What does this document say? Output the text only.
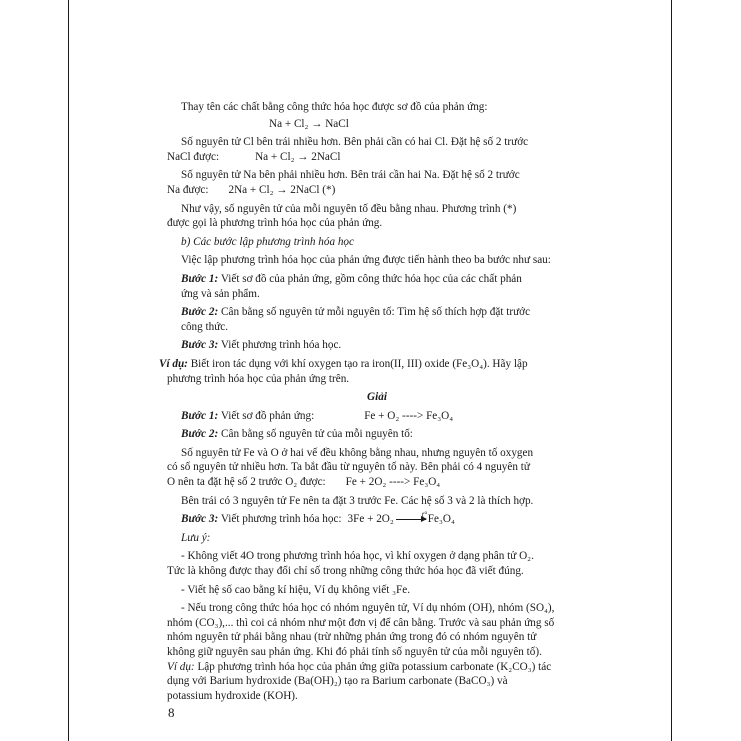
Thay tên các chất bằng công thức hóa học được sơ đồ của phản ứng:

Na + Cl₂ → NaCl

Số nguyên tử Cl bên trái nhiều hơn. Bên phải cần có hai Cl. Đặt hệ số 2 trước

NaCl được:	Na + Cl₂ → 2NaCl

Số nguyên tử Na bên phải nhiều hơn. Bên trái cần hai Na. Đặt hệ số 2 trước

Na được: 2Na + Cl₂ → 2NaCl (*)

Như vậy, số nguyên tử của mỗi nguyên tố đều bằng nhau. Phương trình (*)

được gọi là phương trình hóa học của phản ứng.

b) Các bước lập phương trình hóa học

Việc lập phương trình hóa học của phản ứng được tiến hành theo ba bước như sau:

Bước 1: Viết sơ đồ của phản ứng, gồm công thức hóa học của các chất phản

ứng và sản phẩm.

Bước 2: Cân bằng số nguyên tử mỗi nguyên tố: Tìm hệ số thích hợp đặt trước

công thức.

Bước 3: Viết phương trình hóa học.

Ví dụ: Biết iron tác dụng với khí oxygen tạo ra iron(II, III) oxide (Fe₃O₄). Hãy lập

phương trình hóa học của phản ứng trên.

Giải

Bước 1: Viết sơ đồ phản ứng:	Fe + O₂ ----> Fe₃O₄

Bước 2: Cân bằng số nguyên tử của mỗi nguyên tố:

Số nguyên tử Fe và O ở hai vế đều không bằng nhau, nhưng nguyên tố oxygen

có số nguyên tử nhiều hơn. Ta bắt đầu từ nguyên tố này. Bên phải có 4 nguyên tử

O nên ta đặt hệ số 2 trước O₂ được: Fe + 2O₂ ----> Fe₃O₄

Bên trái có 3 nguyên tử Fe nên ta đặt 3 trước Fe. Các hệ số 3 và 2 là thích hợp.

Bước 3: Viết phương trình hóa học: 3Fe + 2O₂	t° Fe₃O₄

Lưu ý:

- Không viết 4O trong phương trình hóa học, vì khí oxygen ở dạng phân tử O₂.

Tức là không được thay đổi chỉ số trong những công thức hóa học đã viết đúng.

- Viết hệ số cao bằng kí hiệu, Ví dụ không viết ₃Fe.

- Nếu trong công thức hóa học có nhóm nguyên tử, Ví dụ nhóm (OH), nhóm (SO₄),

nhóm (CO₃),... thì coi cả nhóm như một đơn vị để cân bằng. Trước và sau phản ứng số

nhóm nguyên tử phải bằng nhau (trừ những phản ứng trong đó có nhóm nguyên tử

không giữ nguyên sau phản ứng. Khi đó phải tính số nguyên tử của mỗi nguyên tố).

Ví dụ: Lập phương trình hóa học của phản ứng giữa potassium carbonate (K₂CO₃) tác

dụng với Barium hydroxide (Ba(OH)₂) tạo ra Barium carbonate (BaCO₃) và

potassium hydroxide (KOH).

8
